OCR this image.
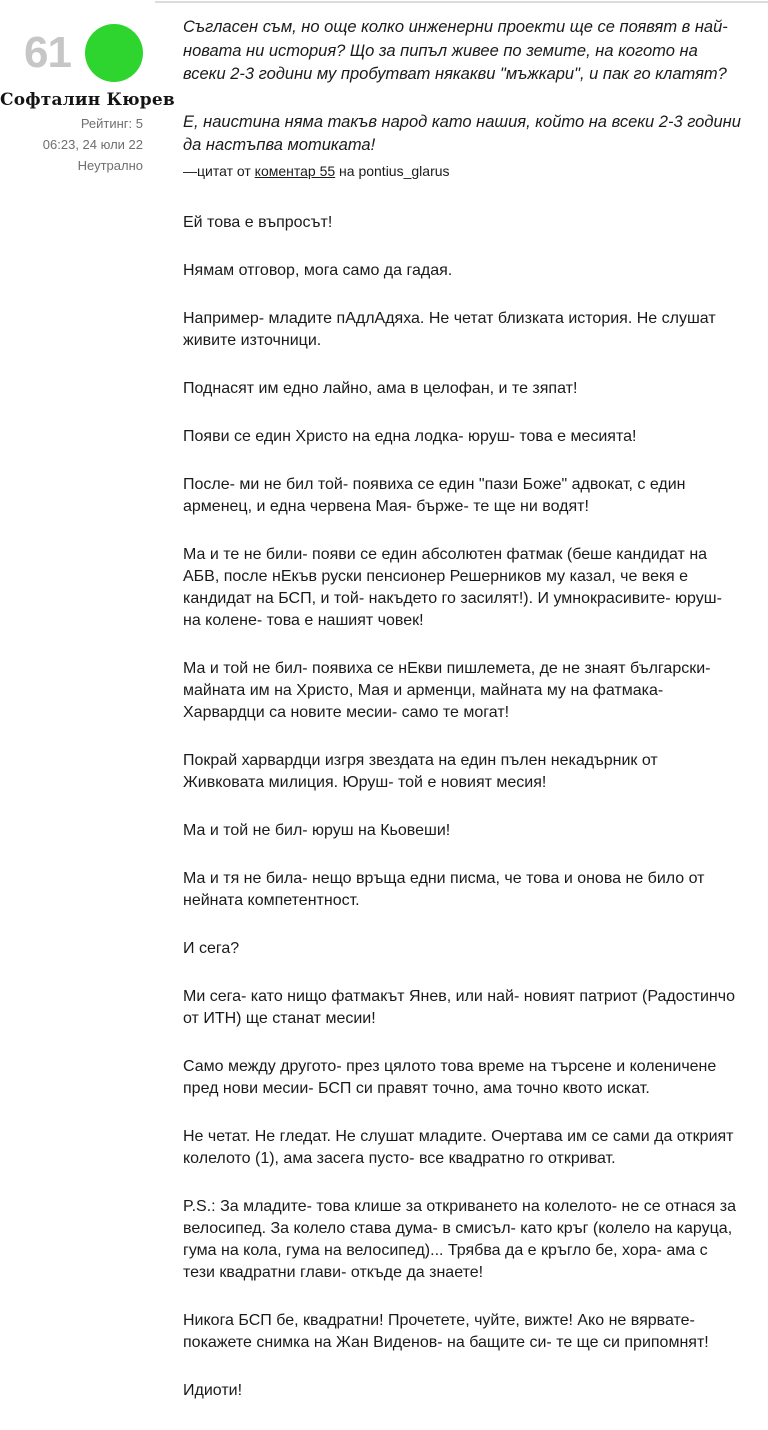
61
Софталин Кюрев
Рейтинг: 5
06:23, 24 юли 22
Неутрално

Съгласен съм, но още колко инженерни проекти ще се появят в най-новата ни история? Що за пипъл живее по земите, на когото на всеки 2-3 години му пробутват някакви "мъжкари", и пак го клатят?

Е, наистина няма такъв народ като нашия, който на всеки 2-3 години да настъпва мотиката!

—цитат от коментар 55 на pontius_glarus

Ей това е въпросът!

Нямам отговор, мога само да гадая.

Например- младите пАдлАдяха. Не четат близката история. Не слушат живите източници.

Поднасят им едно лайно, ама в целофан, и те зяпат!

Появи се един Христо на една лодка- юруш- това е месията!

После- ми не бил той- появиха се един "пази Боже" адвокат, с един арменец, и една червена Мая- бърже- те ще ни водят!

Ма и те не били- появи се един абсолютен фатмак (беше кандидат на АБВ, после нЕкъв руски пенсионер Решерников му казал, че векя е кандидат на БСП, и той- накъдето го засилят!). И умнокрасивите- юруш- на колене- това е нашият човек!

Ма и той не бил- появиха се нЕкви пишлемета, де не знаят български- майната им на Христо, Мая и арменци, майната му на фатмака- Харвардци са новите месии- само те могат!

Покрай харвардци изгря звездата на един пълен некадърник от Живковата милиция. Юруш- той е новият месия!

Ма и той не бил- юруш на Кьовеши!

Ма и тя не била- нещо връща едни писма, че това и онова не било от нейната компетентност.

И сега?

Ми сега- като нищо фатмакът Янев, или най- новият патриот (Радостинчо от ИТН) ще станат месии!

Само между другото- през цялото това време на търсене и коленичене пред нови месии- БСП си правят точно, ама точно квото искат.

Не четат. Не гледат. Не слушат младите. Очертава им се сами да открият колелото (1), ама засега пусто- все квадратно го откриват.

P.S.: За младите- това клише за откриването на колелото- не се отнася за велосипед. За колело става дума- в смисъл- като кръг (колело на каруца, гума на кола, гума на велосипед)... Трябва да е кръгло бе, хора- ама с тези квадратни глави- откъде да знаете!

Никога БСП бе, квадратни! Прочетете, чуйте, вижте! Ако не вярвате- покажете снимка на Жан Виденов- на бащите си- те ще си припомнят!

Идиоти!
